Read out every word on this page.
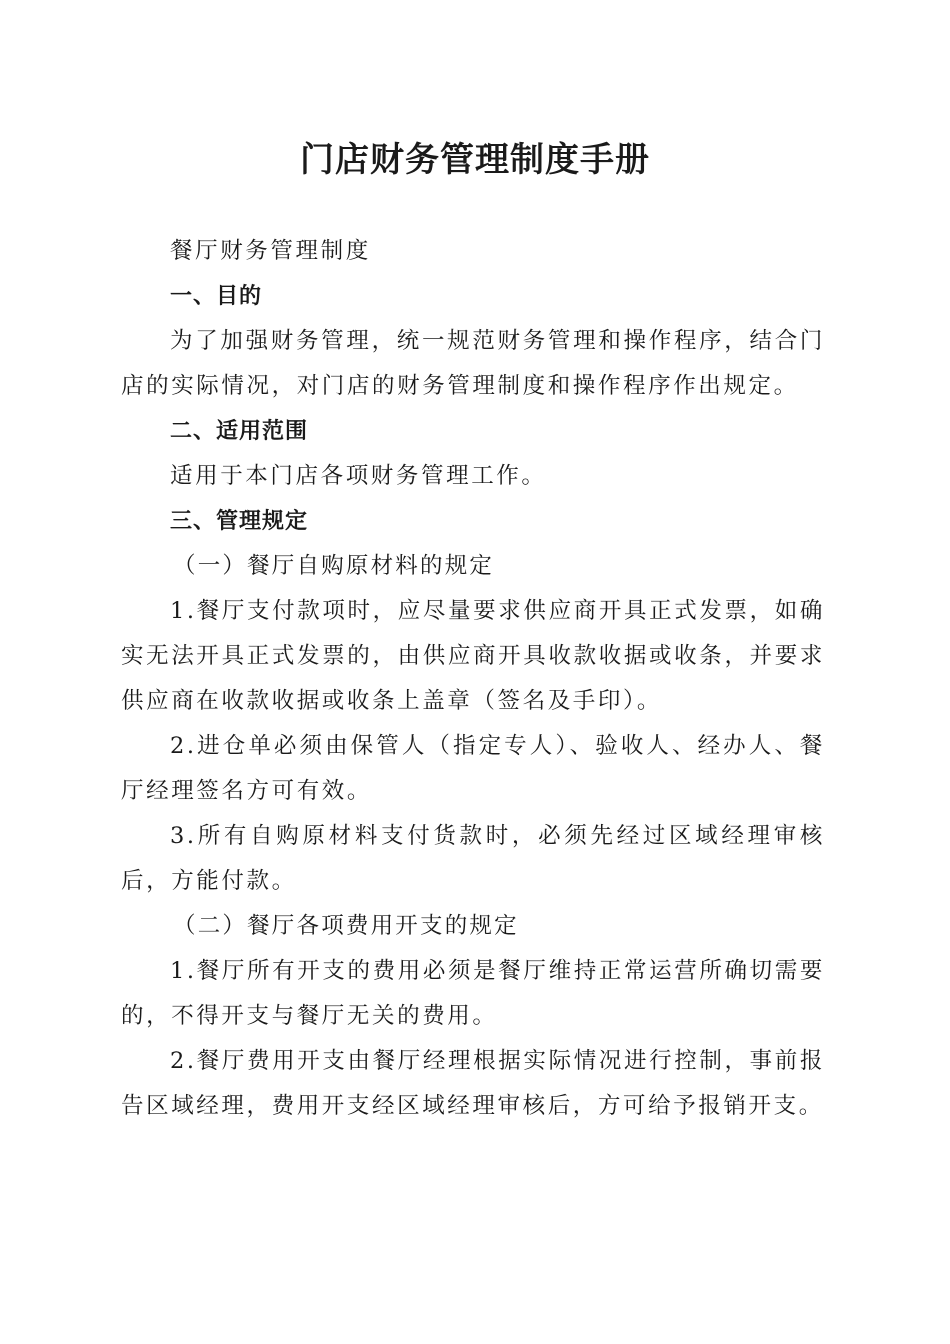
门店财务管理制度手册

餐厅财务管理制度

一、目的

为了加强财务管理，统一规范财务管理和操作程序，结合门店的实际情况，对门店的财务管理制度和操作程序作出规定。

二、适用范围

适用于本门店各项财务管理工作。

三、管理规定

（一）餐厅自购原材料的规定

1.餐厅支付款项时，应尽量要求供应商开具正式发票，如确实无法开具正式发票的，由供应商开具收款收据或收条，并要求供应商在收款收据或收条上盖章（签名及手印）。

2.进仓单必须由保管人（指定专人）、验收人、经办人、餐厅经理签名方可有效。

3.所有自购原材料支付货款时，必须先经过区域经理审核后，方能付款。

（二）餐厅各项费用开支的规定

1.餐厅所有开支的费用必须是餐厅维持正常运营所确切需要的，不得开支与餐厅无关的费用。

2.餐厅费用开支由餐厅经理根据实际情况进行控制，事前报告区域经理，费用开支经区域经理审核后，方可给予报销开支。
